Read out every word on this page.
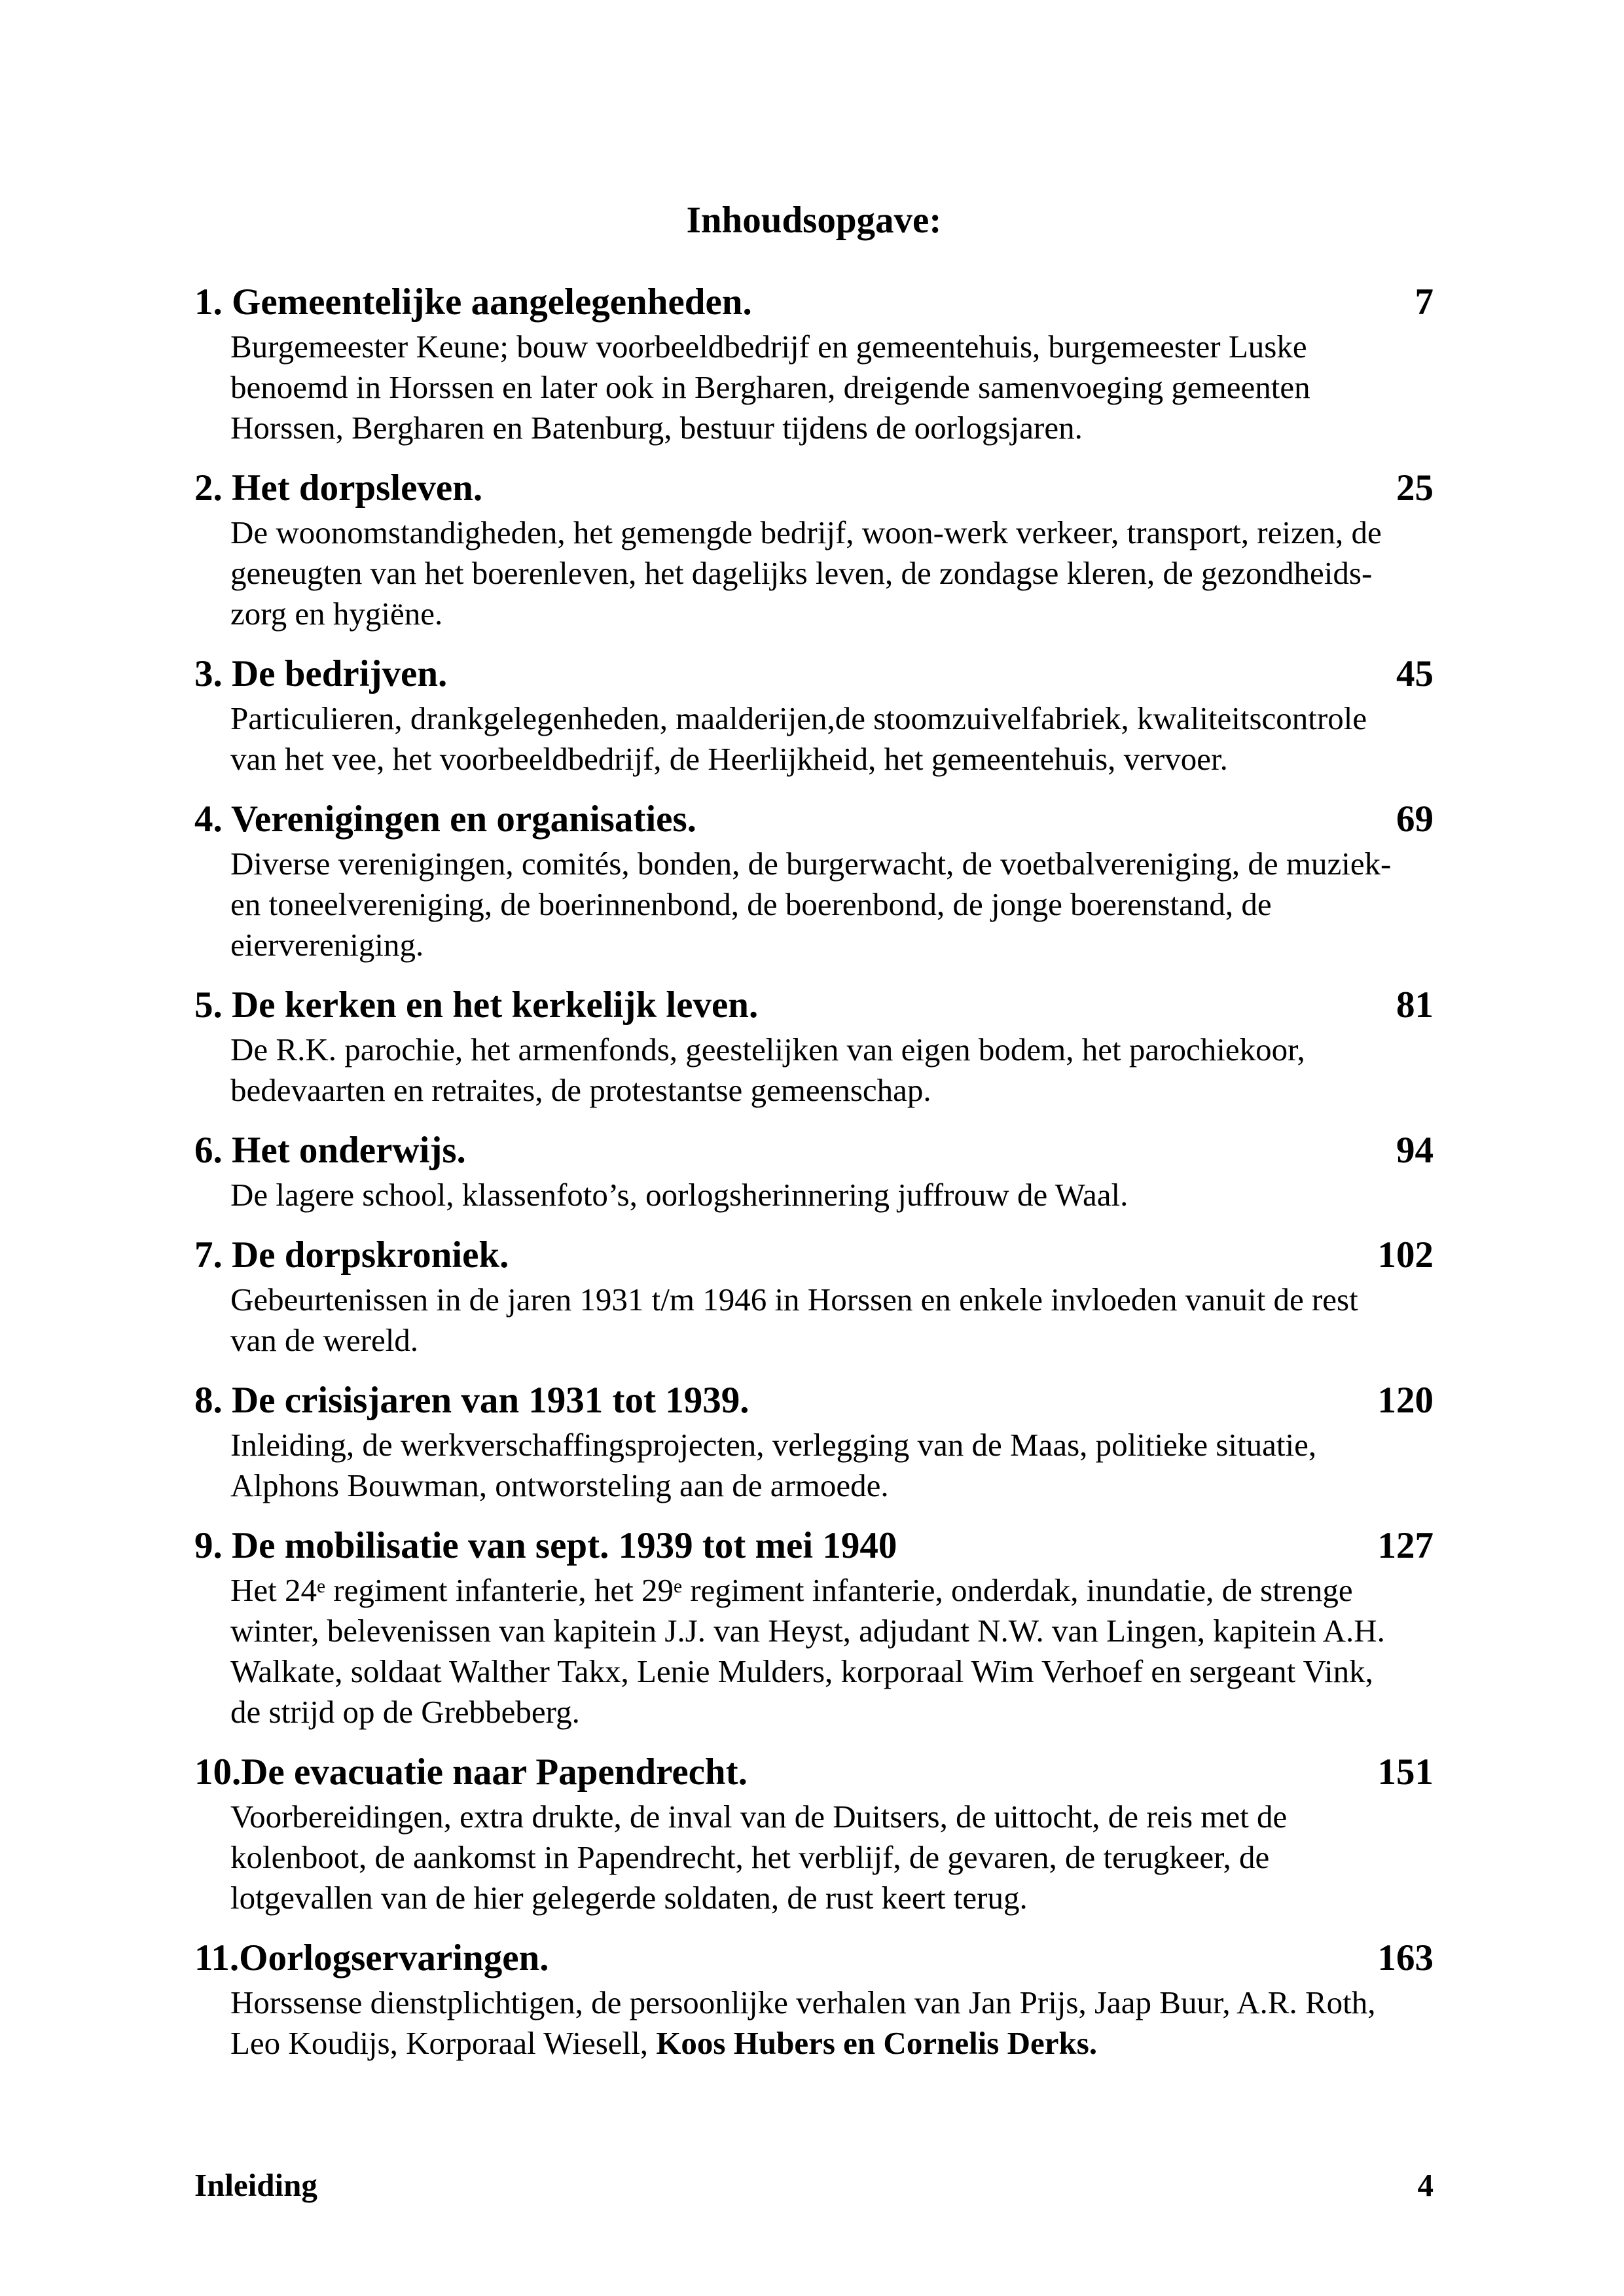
Inhoudsopgave:
1. Gemeentelijke aangelegenheden.	7
Burgemeester Keune; bouw voorbeeldbedrijf en gemeentehuis, burgemeester Luske
benoemd in Horssen en later ook in Bergharen, dreigende samenvoeging gemeenten
Horssen, Bergharen en Batenburg, bestuur tijdens de oorlogsjaren.
2. Het dorpsleven.	25
De woonomstandigheden, het gemengde bedrijf, woon-werk verkeer, transport, reizen, de
geneugten van het boerenleven, het dagelijks leven, de zondagse kleren, de gezondheids-
zorg en hygiëne.
3. De bedrijven.	45
Particulieren, drankgelegenheden, maalderijen,de stoomzuivelfabriek, kwaliteitscontrole
van het vee, het voorbeeldbedrijf, de Heerlijkheid, het gemeentehuis, vervoer.
4. Verenigingen en organisaties.	69
Diverse verenigingen, comités, bonden, de burgerwacht, de voetbalvereniging, de muziek-
en toneelvereniging, de boerinnenbond, de boerenbond, de jonge boerenstand, de
eiervereniging.
5. De kerken en het kerkelijk leven.	81
De R.K. parochie, het armenfonds, geestelijken van eigen bodem, het parochiekoor,
bedevaarten en retraites, de protestantse gemeenschap.
6. Het onderwijs.	94
De lagere school, klassenfoto’s, oorlogsherinnering juffrouw de Waal.
7. De dorpskroniek.	102
Gebeurtenissen in de jaren 1931 t/m 1946 in Horssen en enkele invloeden vanuit de rest
van de wereld.
8. De crisisjaren van 1931 tot 1939.	120
Inleiding, de werkverschaffingsprojecten, verlegging van de Maas, politieke situatie,
Alphons Bouwman, ontworsteling aan de armoede.
9. De mobilisatie van sept. 1939 tot mei 1940	127
Het 24e regiment infanterie, het 29e regiment infanterie, onderdak, inundatie, de strenge
winter, belevenissen van kapitein J.J. van Heyst, adjudant N.W. van Lingen, kapitein A.H.
Walkate, soldaat Walther Takx, Lenie Mulders, korporaal Wim Verhoef en sergeant Vink,
de strijd op de Grebbeberg.
10.De evacuatie naar Papendrecht.	151
Voorbereidingen, extra drukte, de inval van de Duitsers, de uittocht, de reis met de
kolenboot, de aankomst in Papendrecht, het verblijf, de gevaren, de terugkeer, de
lotgevallen van de hier gelegerde soldaten, de rust keert terug.
11.Oorlogservaringen.	163
Horssense dienstplichtigen, de persoonlijke verhalen van Jan Prijs, Jaap Buur, A.R. Roth,
Leo Koudijs, Korporaal Wiesell, Koos Hubers en Cornelis Derks.
Inleiding	4
